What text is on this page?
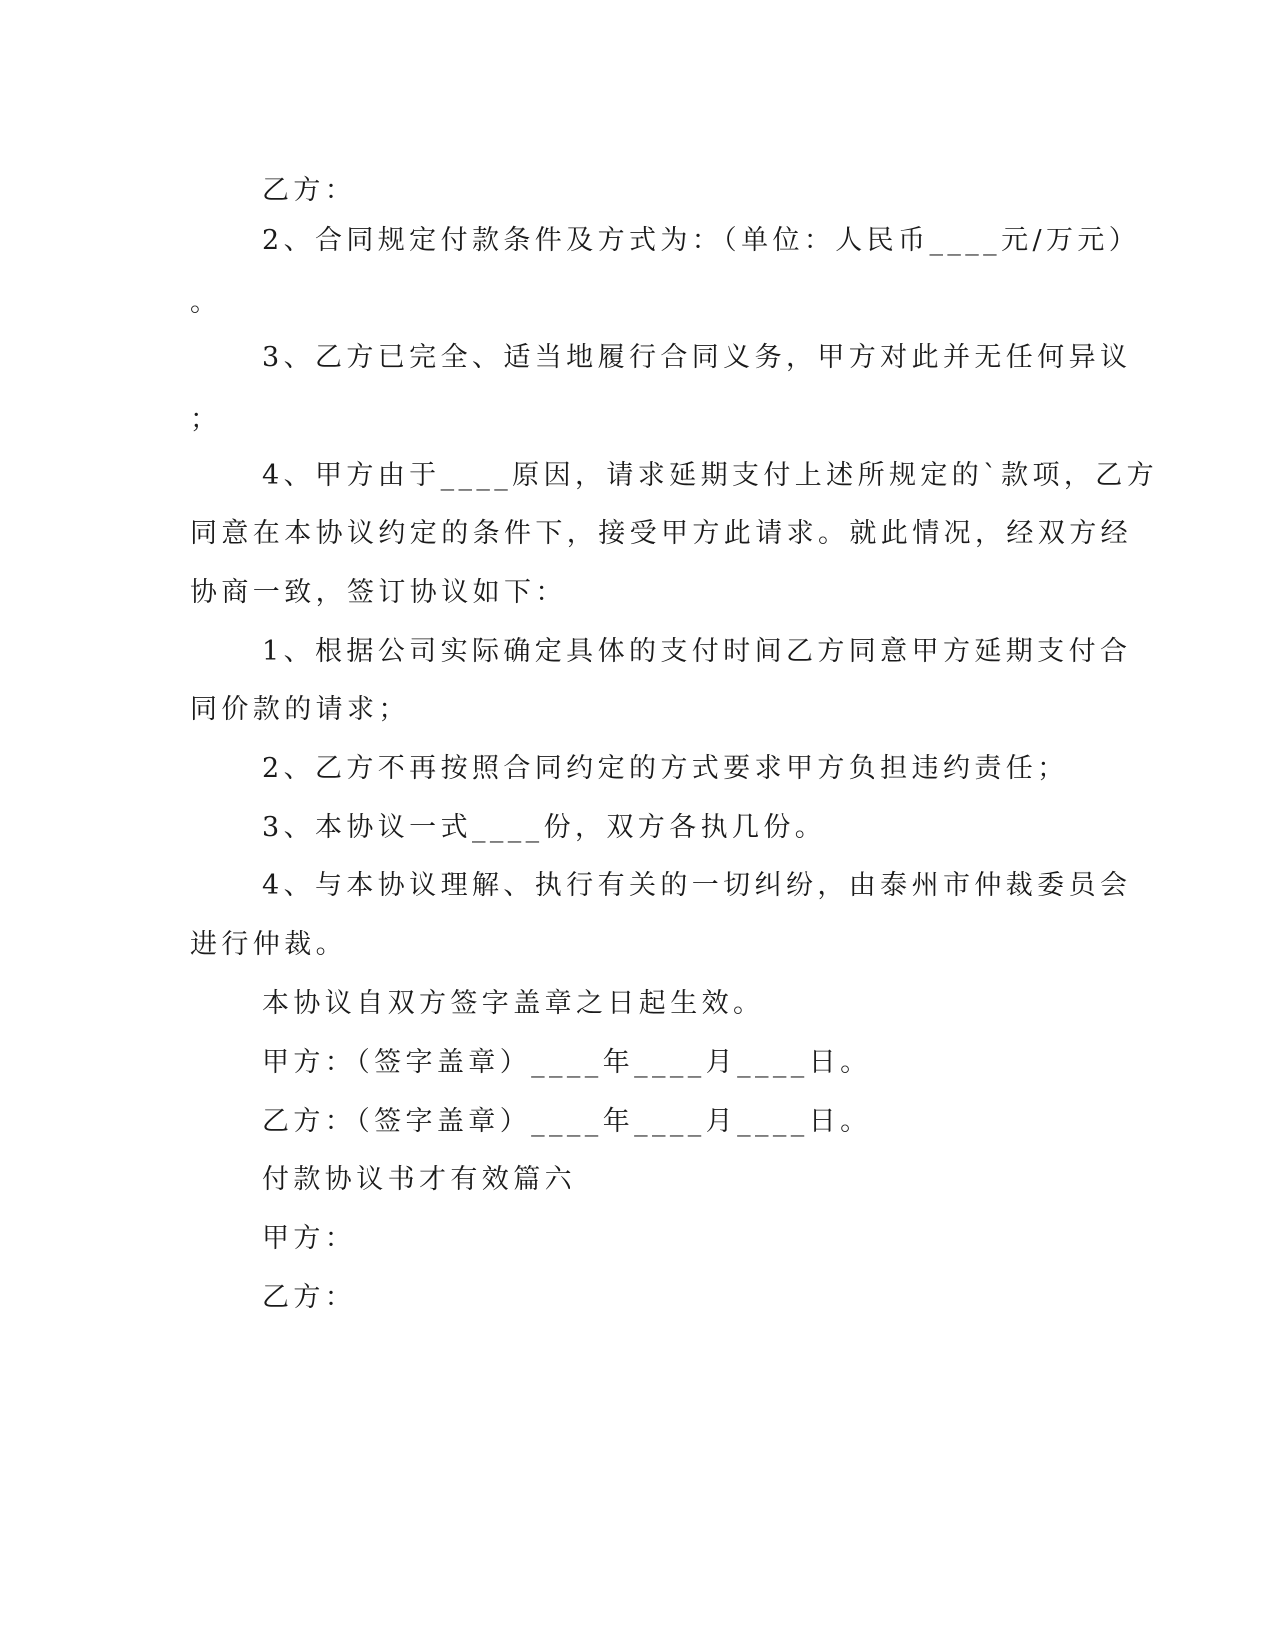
乙方：

2、合同规定付款条件及方式为：（单位：人民币____元/万元）

。

3、乙方已完全、适当地履行合同义务，甲方对此并无任何异议

；

4、甲方由于____原因，请求延期支付上述所规定的`款项，乙方

同意在本协议约定的条件下，接受甲方此请求。就此情况，经双方经

协商一致，签订协议如下：

1、根据公司实际确定具体的支付时间乙方同意甲方延期支付合

同价款的请求；

2、乙方不再按照合同约定的方式要求甲方负担违约责任；

3、本协议一式____份，双方各执几份。

4、与本协议理解、执行有关的一切纠纷，由泰州市仲裁委员会

进行仲裁。

本协议自双方签字盖章之日起生效。

甲方：（签字盖章）____年____月____日。

乙方：（签字盖章）____年____月____日。

付款协议书才有效篇六

甲方：

乙方：
